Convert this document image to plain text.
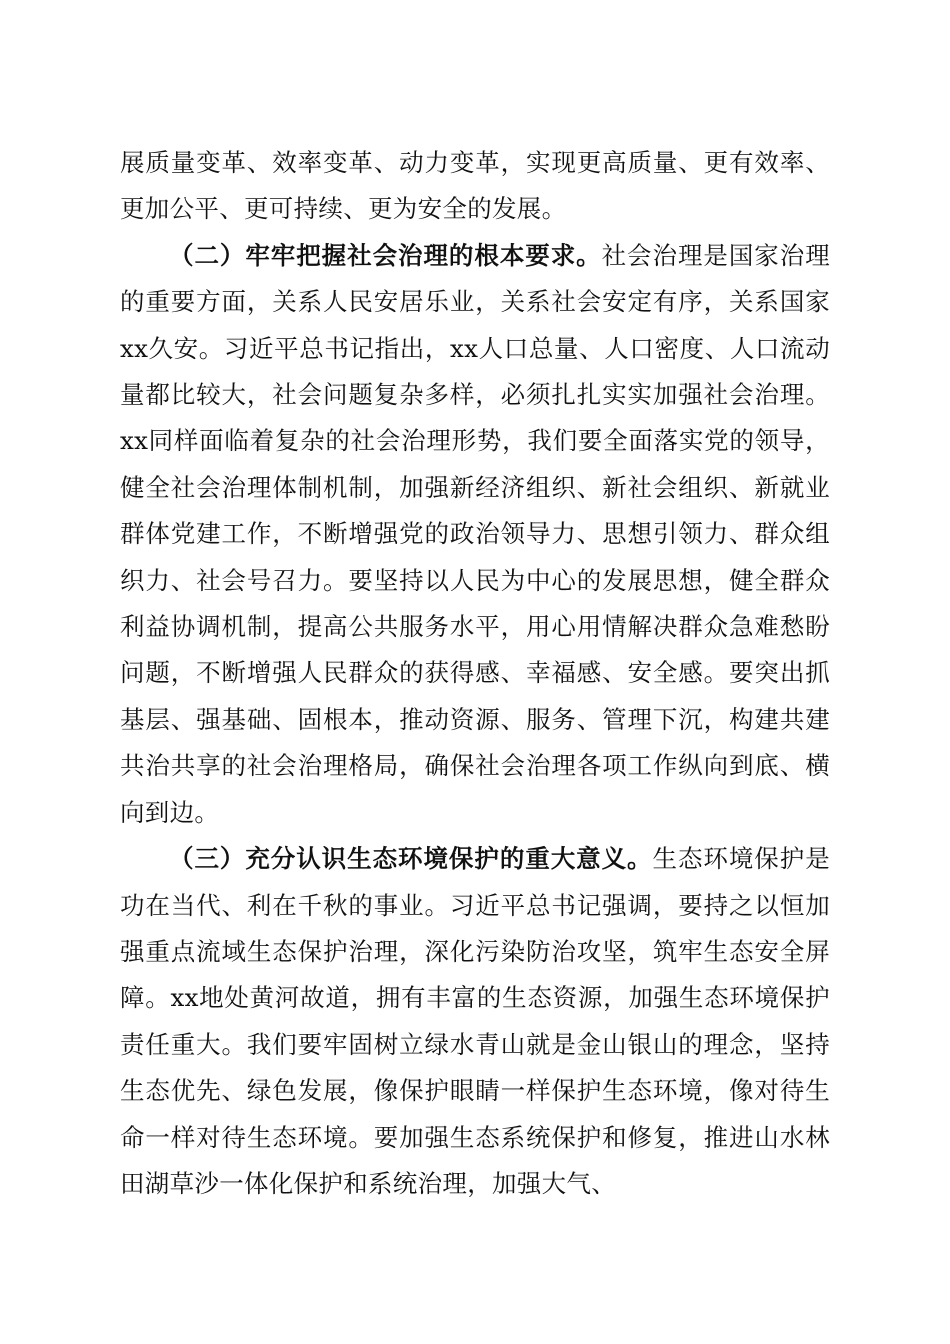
展质量变革、效率变革、动力变革，实现更高质量、更有效率、更加公平、更可持续、更为安全的发展。

（二）牢牢把握社会治理的根本要求。社会治理是国家治理的重要方面，关系人民安居乐业，关系社会安定有序，关系国家xx久安。习近平总书记指出，xx人口总量、人口密度、人口流动量都比较大，社会问题复杂多样，必须扎扎实实加强社会治理。xx同样面临着复杂的社会治理形势，我们要全面落实党的领导，健全社会治理体制机制，加强新经济组织、新社会组织、新就业群体党建工作，不断增强党的政治领导力、思想引领力、群众组织力、社会号召力。要坚持以人民为中心的发展思想，健全群众利益协调机制，提高公共服务水平，用心用情解决群众急难愁盼问题，不断增强人民群众的获得感、幸福感、安全感。要突出抓基层、强基础、固根本，推动资源、服务、管理下沉，构建共建共治共享的社会治理格局，确保社会治理各项工作纵向到底、横向到边。

（三）充分认识生态环境保护的重大意义。生态环境保护是功在当代、利在千秋的事业。习近平总书记强调，要持之以恒加强重点流域生态保护治理，深化污染防治攻坚，筑牢生态安全屏障。xx地处黄河故道，拥有丰富的生态资源，加强生态环境保护责任重大。我们要牢固树立绿水青山就是金山银山的理念，坚持生态优先、绿色发展，像保护眼睛一样保护生态环境，像对待生命一样对待生态环境。要加强生态系统保护和修复，推进山水林田湖草沙一体化保护和系统治理，加强大气、
